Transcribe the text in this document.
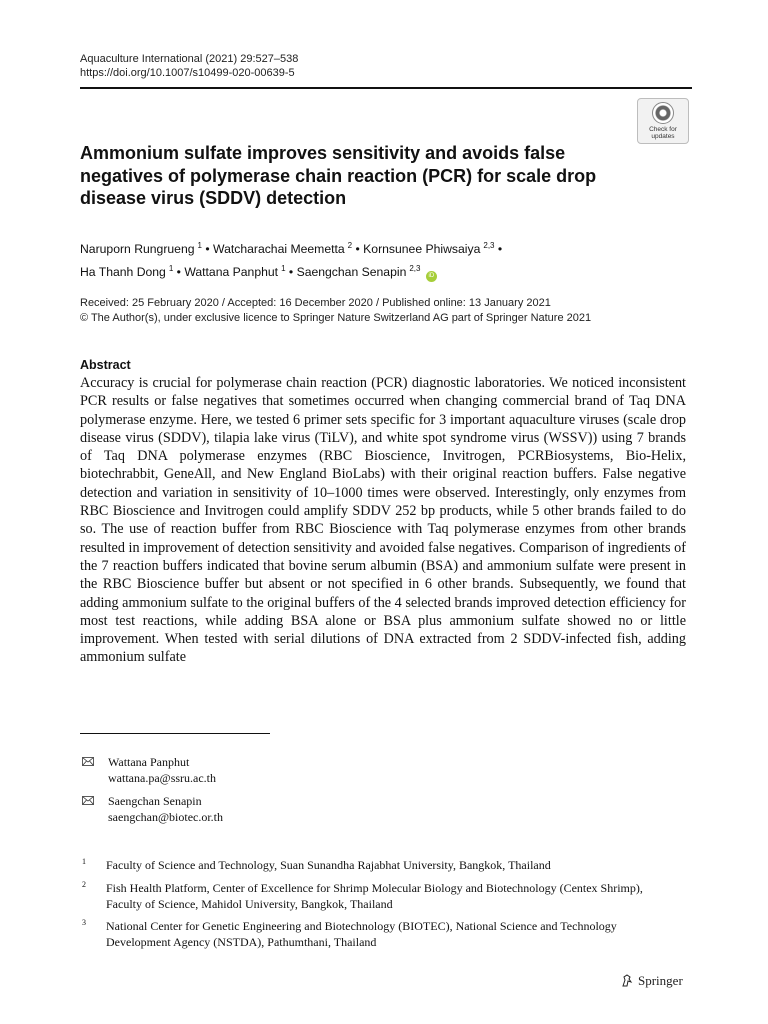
Aquaculture International (2021) 29:527–538
https://doi.org/10.1007/s10499-020-00639-5
Check for
updates
Ammonium sulfate improves sensitivity and avoids false negatives of polymerase chain reaction (PCR) for scale drop disease virus (SDDV) detection
Naruporn Rungrueng $^1$ • Watcharachai Meemetta $^2$ • Kornsunee Phiwsaiya $^{2,3}$ •
Ha Thanh Dong $^1$ • Wattana Panphut $^1$ • Saengchan Senapin $^{2,3}$ iD
Received: 25 February 2020 / Accepted: 16 December 2020 / Published online: 13 January 2021
© The Author(s), under exclusive licence to Springer Nature Switzerland AG part of Springer Nature 2021
Abstract
Accuracy is crucial for polymerase chain reaction (PCR) diagnostic laboratories. We noticed inconsistent PCR results or false negatives that sometimes occurred when changing commercial brand of Taq DNA polymerase enzyme. Here, we tested 6 primer sets specific for 3 important aquaculture viruses (scale drop disease virus (SDDV), tilapia lake virus (TiLV), and white spot syndrome virus (WSSV)) using 7 brands of Taq DNA polymerase enzymes (RBC Bioscience, Invitrogen, PCRBiosystems, Bio-Helix, biotechrabbit, GeneAll, and New England BioLabs) with their original reaction buffers. False negative detection and variation in sensitivity of 10–1000 times were observed. Interestingly, only enzymes from RBC Bioscience and Invitrogen could amplify SDDV 252 bp products, while 5 other brands failed to do so. The use of reaction buffer from RBC Bioscience with Taq polymerase enzymes from other brands resulted in improvement of detection sensitivity and avoided false negatives. Comparison of ingredients of the 7 reaction buffers indicated that bovine serum albumin (BSA) and ammonium sulfate were present in the RBC Bioscience buffer but absent or not specified in 6 other brands. Subsequently, we found that adding ammonium sulfate to the original buffers of the 4 selected brands improved detection efficiency for most test reactions, while adding BSA alone or BSA plus ammonium sulfate showed no or little improvement. When tested with serial dilutions of DNA extracted from 2 SDDV-infected fish, adding ammonium sulfate
Wattana Panphut
wattana.pa@ssru.ac.th
Saengchan Senapin
saengchan@biotec.or.th
1 Faculty of Science and Technology, Suan Sunandha Rajabhat University, Bangkok, Thailand
2 Fish Health Platform, Center of Excellence for Shrimp Molecular Biology and Biotechnology (Centex Shrimp), Faculty of Science, Mahidol University, Bangkok, Thailand
3 National Center for Genetic Engineering and Biotechnology (BIOTEC), National Science and Technology Development Agency (NSTDA), Pathumthani, Thailand
Springer
